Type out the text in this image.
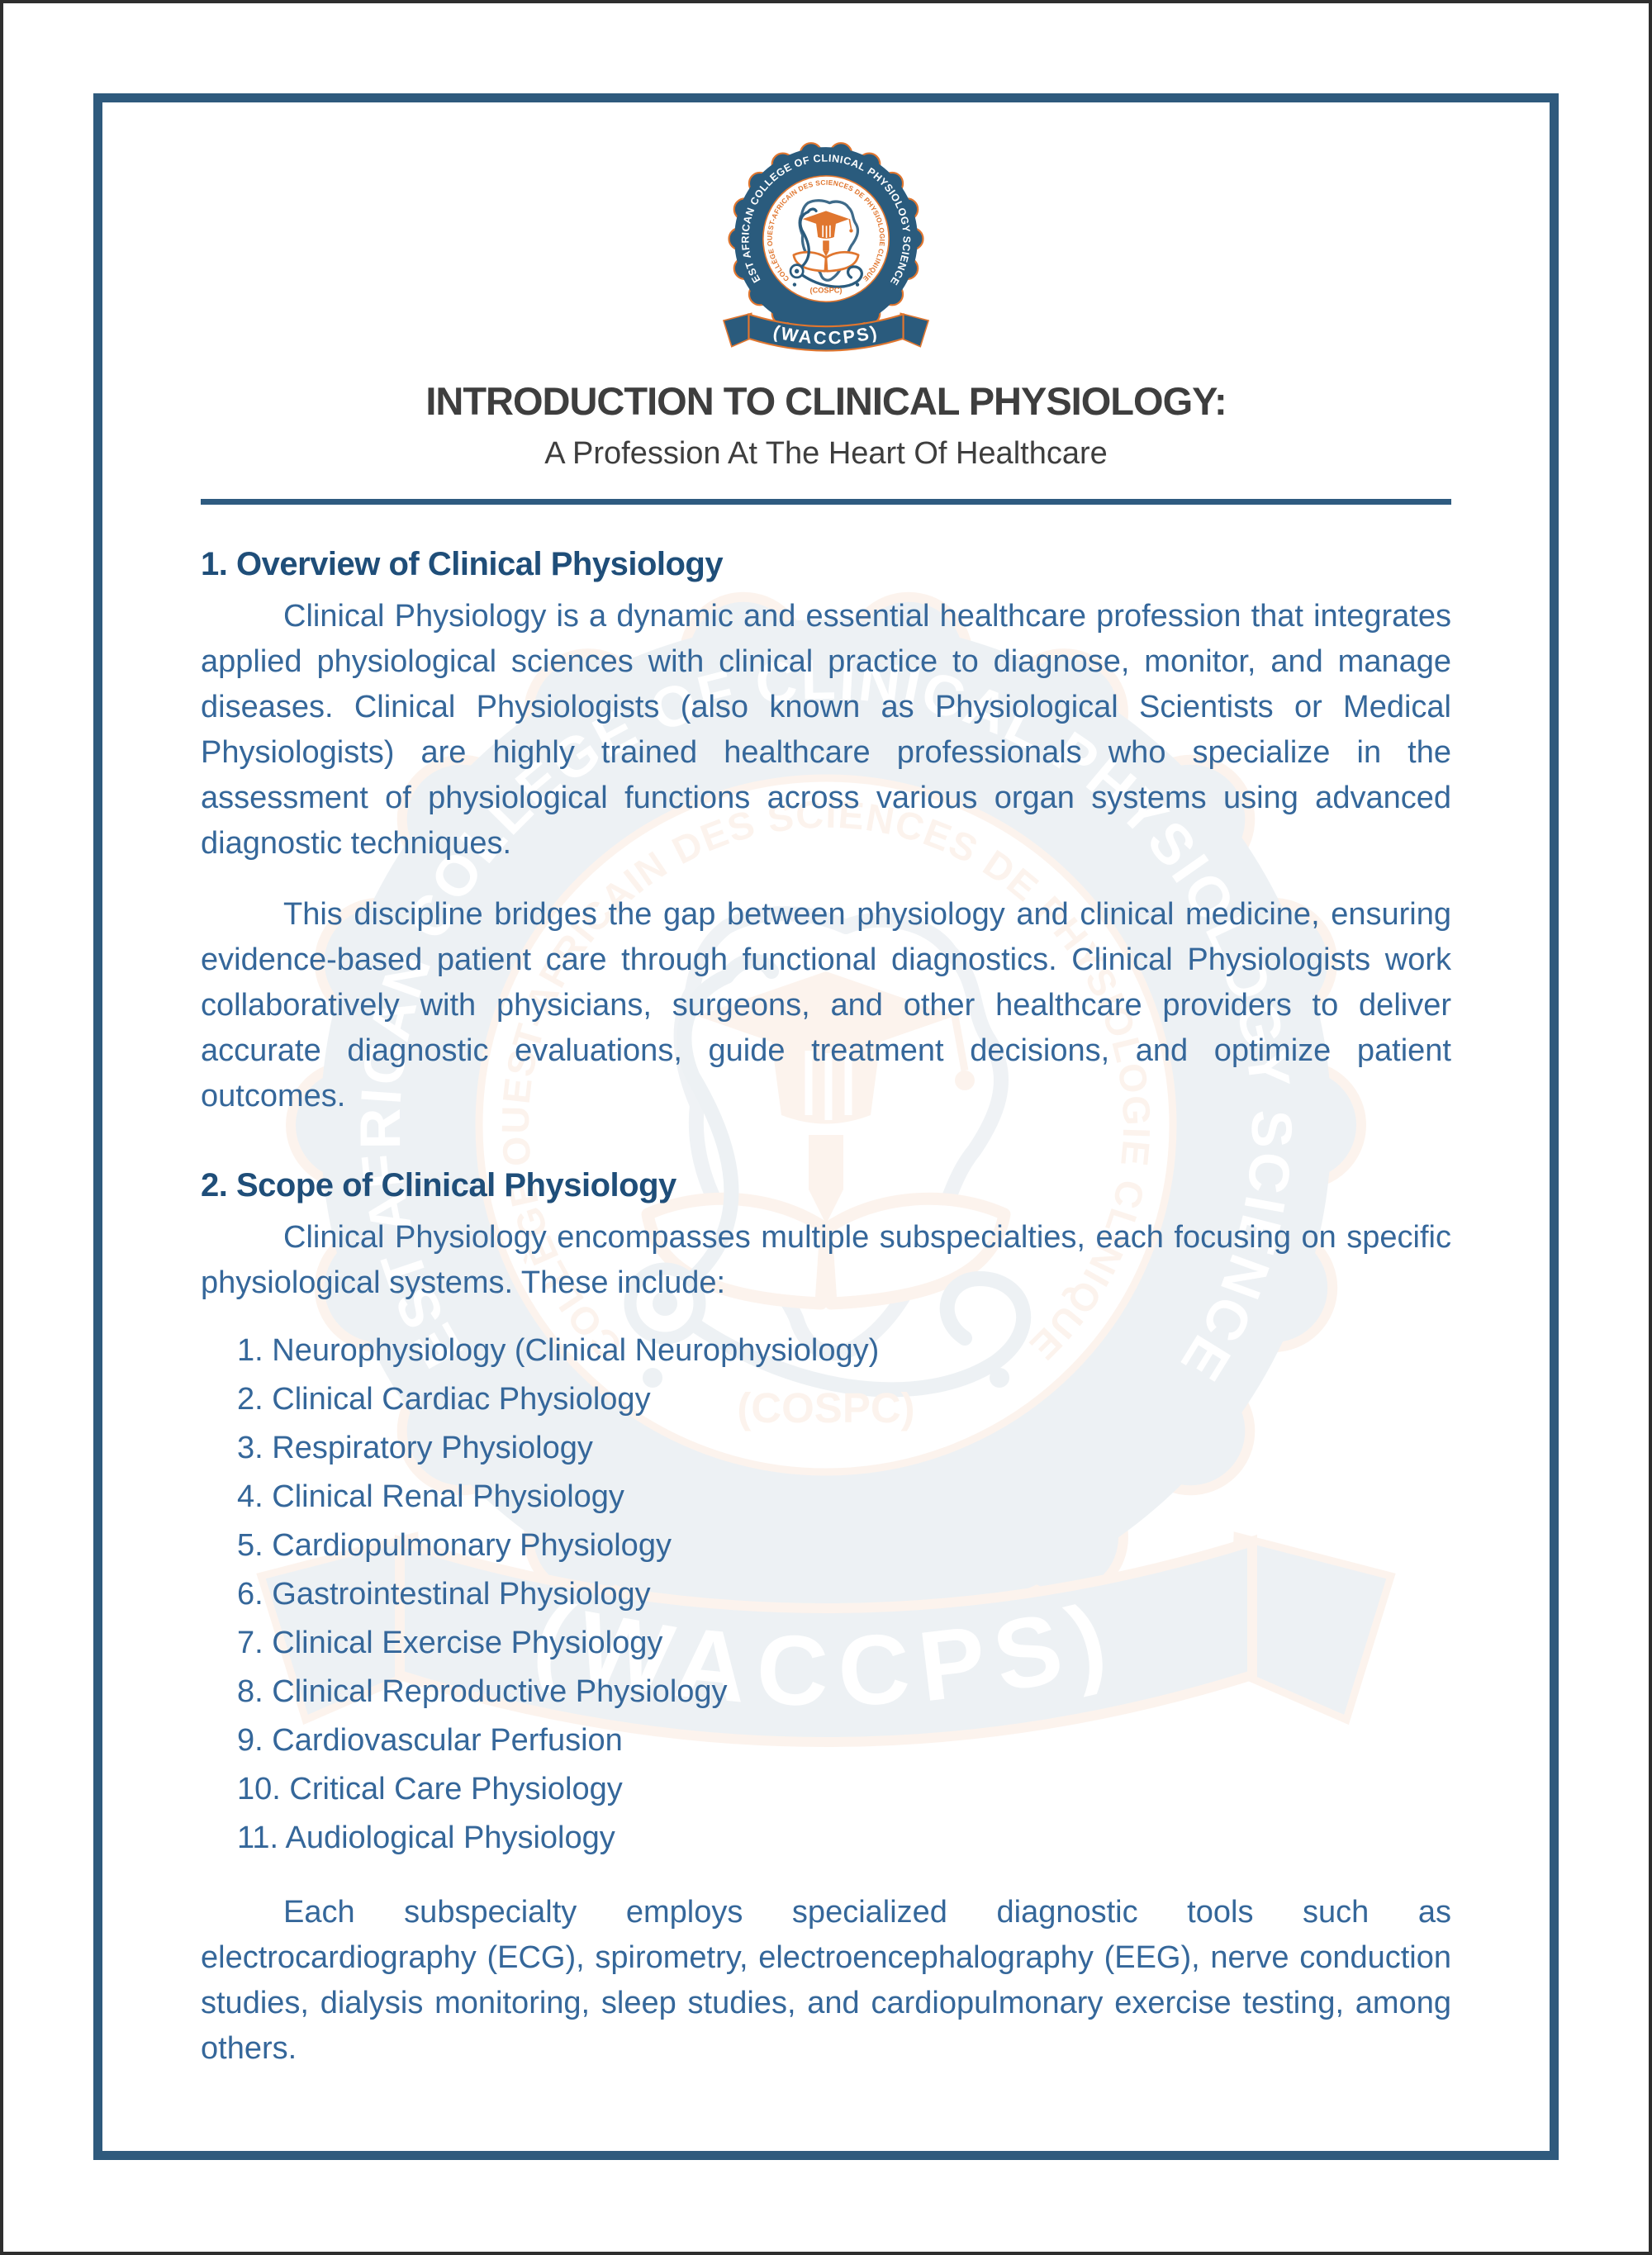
INTRODUCTION TO CLINICAL PHYSIOLOGY:
A Profession At The Heart Of Healthcare
1. Overview of Clinical Physiology

Clinical Physiology is a dynamic and essential healthcare profession that integrates applied physiological sciences with clinical practice to diagnose, monitor, and manage diseases. Clinical Physiologists (also known as Physiological Scientists or Medical Physiologists) are highly trained healthcare professionals who specialize in the assessment of physiological functions across various organ systems using advanced diagnostic techniques.

This discipline bridges the gap between physiology and clinical medicine, ensuring evidence-based patient care through functional diagnostics. Clinical Physiologists work collaboratively with physicians, surgeons, and other healthcare providers to deliver accurate diagnostic evaluations, guide treatment decisions, and optimize patient outcomes.

2. Scope of Clinical Physiology

Clinical Physiology encompasses multiple subspecialties, each focusing on specific physiological systems. These include:

Neurophysiology (Clinical Neurophysiology)
Clinical Cardiac Physiology
Respiratory Physiology
Clinical Renal Physiology
Cardiopulmonary Physiology
Gastrointestinal Physiology
Clinical Exercise Physiology
Clinical Reproductive Physiology
Cardiovascular Perfusion
Critical Care Physiology
Audiological Physiology

Each subspecialty employs specialized diagnostic tools such as electrocardiography (ECG), spirometry, electroencephalography (EEG), nerve conduction studies, dialysis monitoring, sleep studies, and cardiopulmonary exercise testing, among others.
